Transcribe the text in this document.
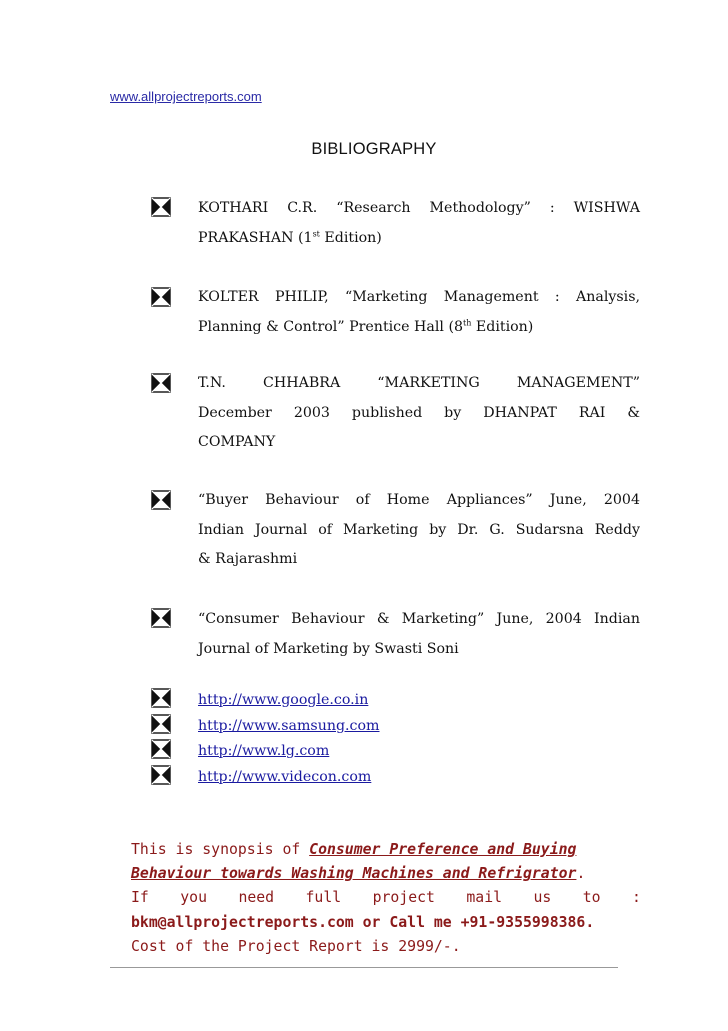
www.allprojectreports.com
BIBLIOGRAPHY
KOTHARI C.R. “Research Methodology” : WISHWA
PRAKASHAN (1st Edition)
KOLTER PHILIP, “Marketing Management : Analysis,
Planning & Control” Prentice Hall (8th Edition)
T.N. CHHABRA “MARKETING MANAGEMENT”
December 2003 published by DHANPAT RAI &
COMPANY
“Buyer Behaviour of Home Appliances” June, 2004
Indian Journal of Marketing by Dr. G. Sudarsna Reddy
& Rajarashmi
“Consumer Behaviour & Marketing” June, 2004 Indian
Journal of Marketing by Swasti Soni
http://www.google.co.in
http://www.samsung.com
http://www.lg.com
http://www.videcon.com
This is synopsis of Consumer Preference and Buying
Behaviour towards Washing Machines and Refrigrator.
If you need full project mail us to :
bkm@allprojectreports.com or Call me +91-9355998386.
Cost of the Project Report is 2999/-.
